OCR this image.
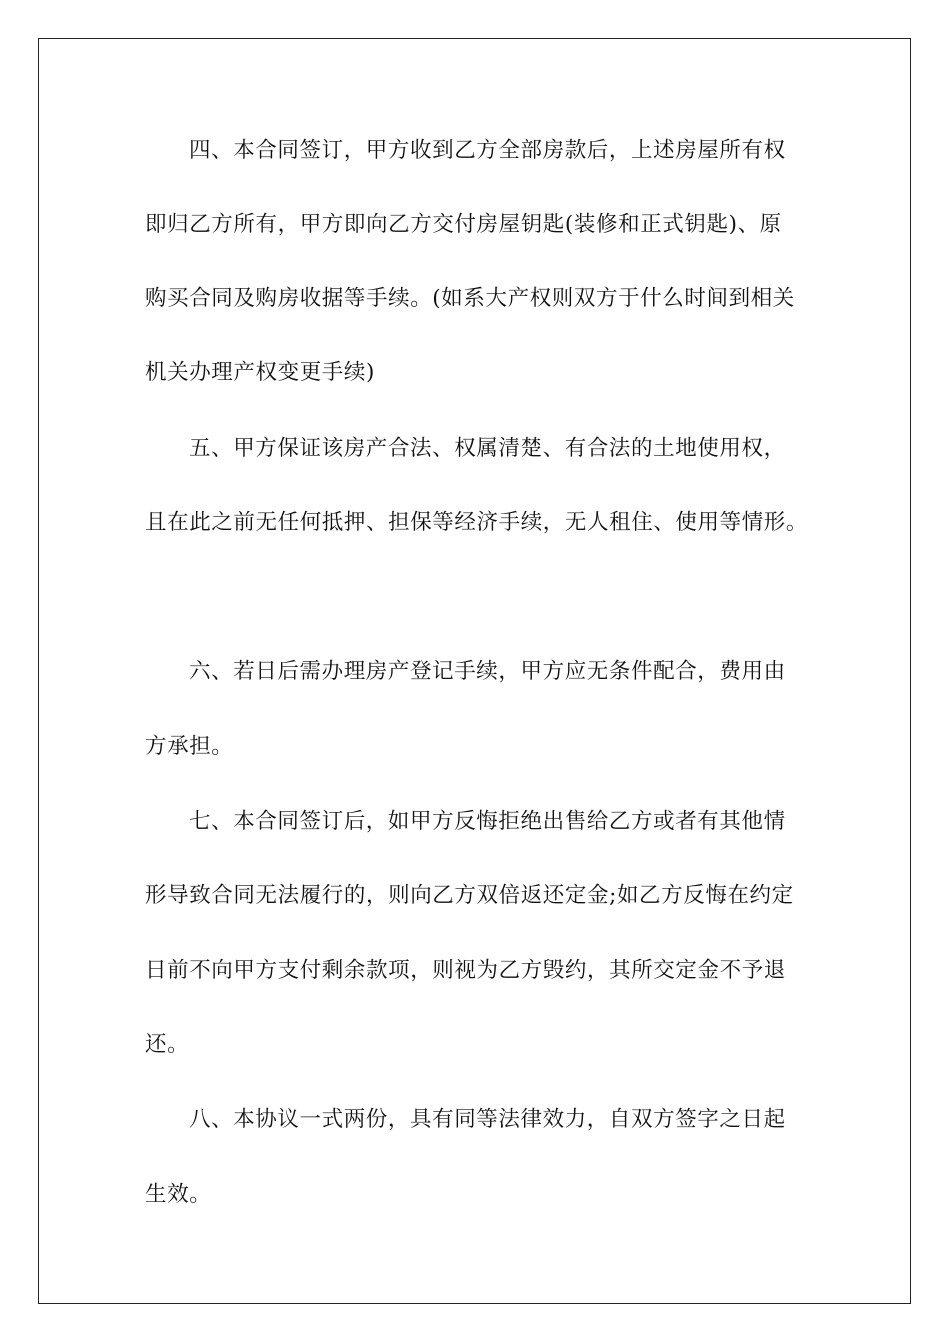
四、本合同签订，甲方收到乙方全部房款后，上述房屋所有权
即归乙方所有，甲方即向乙方交付房屋钥匙(装修和正式钥匙)、原
购买合同及购房收据等手续。(如系大产权则双方于什么时间到相关
机关办理产权变更手续)
五、甲方保证该房产合法、权属清楚、有合法的土地使用权，
且在此之前无任何抵押、担保等经济手续，无人租住、使用等情形。
六、若日后需办理房产登记手续，甲方应无条件配合，费用由
方承担。
七、本合同签订后，如甲方反悔拒绝出售给乙方或者有其他情
形导致合同无法履行的，则向乙方双倍返还定金;如乙方反悔在约定
日前不向甲方支付剩余款项，则视为乙方毁约，其所交定金不予退
还。
八、本协议一式两份，具有同等法律效力，自双方签字之日起
生效。
